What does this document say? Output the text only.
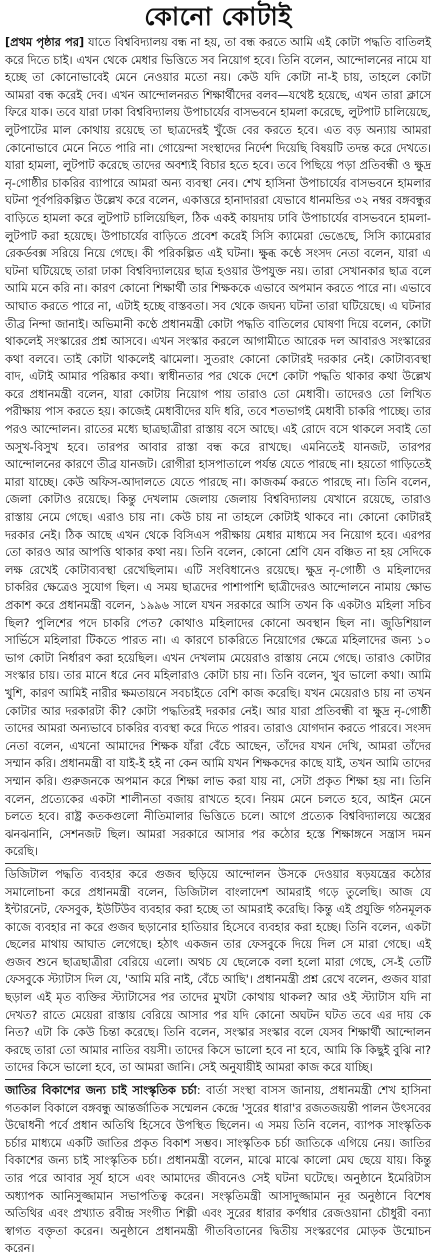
কোনো কোটাই

[প্রথম পৃষ্ঠার পর] যাতে বিশ্ববিদ্যালয় বন্ধ না হয়, তা বন্ধ করতে আমি এই কোটা পদ্ধতি বাতিলই করে দিতে চাই। এখন থেকে মেধার ভিত্তিতে সব নিয়োগ হবে। তিনি বলেন, আন্দোলনের নামে যা হচ্ছে তা কোনোভাবেই মেনে নেওয়ার মতো নয়। কেউ যদি কোটা না-ই চায়, তাহলে কোটা আমরা বন্ধ করেই দেব। এখন আন্দোলনরত শিক্ষার্থীদের বলব—যথেষ্ট হয়েছে, এখন তারা ক্লাসে ফিরে যাক। তবে যারা ঢাকা বিশ্ববিদ্যালয় উপাচার্যের বাসভবনে হামলা করেছে, লুটপাট চালিয়েছে, লুটপাটের মাল কোথায় রয়েছে তা ছাত্রদেরই খুঁজে বের করতে হবে। এত বড় অন্যায় আমরা কোনোভাবে মেনে নিতে পারি না। গোয়েন্দা সংস্থাদের নির্দেশ দিয়েছি বিষয়টি তদন্ত করে দেখতে। যারা হামলা, লুটপাট করেছে তাদের অবশ্যই বিচার হতে হবে। তবে পিছিয়ে পড়া প্রতিবন্ধী ও ক্ষুদ্র নৃ-গোষ্ঠীর চাকরির ব্যাপারে আমরা অন্য ব্যবস্থা নেব। শেখ হাসিনা উপাচার্যের বাসভবনে হামলার ঘটনা পূর্বপরিকল্পিত উল্লেখ করে বলেন, একাত্তরে হানাদাররা যেভাবে ধানমন্ডির ৩২ নম্বর বঙ্গবন্ধুর বাড়িতে হামলা করে লুটপাট চালিয়েছিল, ঠিক একই কায়দায় ঢাবি উপাচার্যের বাসভবনে হামলা-লুটপাট করা হয়েছে। উপাচার্যের বাড়িতে প্রবেশ করেই সিসি ক্যামেরা ভেঙেছে, সিসি ক্যামেরার রেকর্ডবক্স সরিয়ে নিয়ে গেছে। কী পরিকল্পিত এই ঘটনা। ক্ষুব্ধ কণ্ঠে সংসদ নেতা বলেন, যারা এ ঘটনা ঘটিয়েছে তারা ঢাকা বিশ্ববিদ্যালয়ের ছাত্র হওয়ার উপযুক্ত নয়। তারা সেখানকার ছাত্র বলে আমি মনে করি না। কারণ কোনো শিক্ষার্থী তার শিক্ষককে এভাবে অপমান করতে পারে না। এভাবে আঘাত করতে পারে না, এটাই হচ্ছে বাস্তবতা। সব থেকে জঘন্য ঘটনা তারা ঘটিয়েছে। এ ঘটনার তীব্র নিন্দা জানাই। অভিমানী কণ্ঠে প্রধানমন্ত্রী কোটা পদ্ধতি বাতিলের ঘোষণা দিয়ে বলেন, কোটা থাকলেই সংস্কারের প্রশ্ন আসবে। এখন সংস্কার করলে আগামীতে আরেক দল আবারও সংস্কারের কথা বলবে। তাই কোটা থাকলেই ঝামেলা। সুতরাং কোনো কোটারই দরকার নেই। কোটাব্যবস্থা বাদ, এটাই আমার পরিষ্কার কথা। স্বাধীনতার পর থেকে দেশে কোটা পদ্ধতি থাকার কথা উল্লেখ করে প্রধানমন্ত্রী বলেন, যারা কোটায় নিয়োগ পায় তারাও তো মেধাবী। তাদেরও তো লিখিত পরীক্ষায় পাস করতে হয়। কাজেই মেধাবীদের যদি ধরি, তবে শতভাগই মেধাবী চাকরি পাচ্ছে। তার পরও আন্দোলন। রাতের মধ্যে ছাত্রছাত্রীরা রাস্তায় বসে আছে। এই রোদে বসে থাকলে সবাই তো অসুখ-বিসুখ হবে। তারপর আবার রাস্তা বন্ধ করে রাখছে। এমনিতেই যানজট, তারপর আন্দোলনের কারণে তীব্র যানজট। রোগীরা হাসপাতালে পর্যন্ত যেতে পারছে না। হয়তো গাড়িতেই মারা যাচ্ছে। কেউ অফিস-আদালতে যেতে পারছে না। কাজকর্ম করতে পারছে না। তিনি বলেন, জেলা কোটাও রয়েছে। কিন্তু দেখলাম জেলায় জেলায় বিশ্ববিদ্যালয় যেখানে রয়েছে, তারাও রাস্তায় নেমে গেছে। এরাও চায় না। কেউ চায় না তাহলে কোটাই থাকবে না। কোনো কোটারই দরকার নেই। ঠিক আছে এখন থেকে বিসিএস পরীক্ষায় মেধার মাধ্যমে সব নিয়োগ হবে। এরপর তো কারও আর আপত্তি থাকার কথা নয়। তিনি বলেন, কোনো শ্রেণি যেন বঞ্চিত না হয় সেদিকে লক্ষ রেখেই কোটাব্যবস্থা রেখেছিলাম। এটি সংবিধানেও রয়েছে। ক্ষুদ্র নৃ-গোষ্ঠী ও মহিলাদের চাকরির ক্ষেত্রেও সুযোগ ছিল। এ সময় ছাত্রদের পাশাপাশি ছাত্রীদেরও আন্দোলনে নামায় ক্ষোভ প্রকাশ করে প্রধানমন্ত্রী বলেন, ১৯৯৬ সালে যখন সরকারে আসি তখন কি একটাও মহিলা সচিব ছিল? পুলিশের পদে চাকরি পেত? কোথাও মহিলাদের কোনো অবস্থান ছিল না। জুডিশিয়াল সার্ভিসে মহিলারা টিকতে পারত না। এ কারণে চাকরিতে নিয়োগের ক্ষেত্রে মহিলাদের জন্য ১০ ভাগ কোটা নির্ধারণ করা হয়েছিল। এখন দেখলাম মেয়েরাও রাস্তায় নেমে গেছে। তারাও কোটার সংস্কার চায়। তার মানে ধরে নেব মহিলারাও কোটা চায় না। তিনি বলেন, খুব ভালো কথা। আমি খুশি, কারণ আমিই নারীর ক্ষমতায়নে সবচাইতে বেশি কাজ করেছি। যখন মেয়েরাও চায় না তখন কোটার আর দরকারটা কী? কোটা পদ্ধতিরই দরকার নেই। আর যারা প্রতিবন্ধী বা ক্ষুদ্র নৃ-গোষ্ঠী তাদের আমরা অন্যভাবে চাকরির ব্যবস্থা করে দিতে পারব। তারাও যোগদান করতে পারবে। সংসদ নেতা বলেন, এখনো আমাদের শিক্ষক যাঁরা বেঁচে আছেন, তাঁদের যখন দেখি, আমরা তাঁদের সম্মান করি। প্রধানমন্ত্রী বা যাই-ই হই না কেন আমি যখন শিক্ষকদের কাছে যাই, তখন আমি তাদের সম্মান করি। গুরুজনকে অপমান করে শিক্ষা লাভ করা যায় না, সেটা প্রকৃত শিক্ষা হয় না। তিনি বলেন, প্রত্যেকের একটা শালীনতা বজায় রাখতে হবে। নিয়ম মেনে চলতে হবে, আইন মেনে চলতে হবে। রাষ্ট্র কতকগুলো নীতিমালার ভিত্তিতে চলে। আগে প্রত্যেক বিশ্ববিদ্যালয়ে অস্ত্রের ঝনঝনানি, সেশনজট ছিল। আমরা সরকারে আসার পর কঠোর হস্তে শিক্ষাঙ্গনে সন্ত্রাস দমন করেছি।

ডিজিটাল পদ্ধতি ব্যবহার করে গুজব ছড়িয়ে আন্দোলন উসকে দেওয়ার ষড়যন্ত্রের কঠোর সমালোচনা করে প্রধানমন্ত্রী বলেন, ডিজিটাল বাংলাদেশ আমরাই গড়ে তুলেছি। আজ যে ইন্টারনেট, ফেসবুক, ইউটিউব ব্যবহার করা হচ্ছে তা আমরাই করেছি। কিন্তু এই প্রযুক্তি গঠনমূলক কাজে ব্যবহার না করে গুজব ছড়ানোর হাতিয়ার হিসেবে ব্যবহার করা হচ্ছে। তিনি বলেন, একটা ছেলের মাথায় আঘাত লেগেছে। হঠাৎ একজন তার ফেসবুকে দিয়ে দিল সে মারা গেছে। এই গুজব শুনে ছাত্রছাত্রীরা বেরিয়ে এলো। অথচ যে ছেলেকে বলা হলো মারা গেছে, সে-ই তেটি ফেসবুকে স্ট্যাটাস দিল যে, 'আমি মরি নাই, বেঁচে আছি'। প্রধানমন্ত্রী প্রশ্ন রেখে বলেন, গুজব যারা ছড়াল এই মৃত ব্যক্তির স্ট্যাটাসের পর তাদের মুখটা কোথায় থাকল? আর ওই স্ট্যাটাস যদি না দেখত? রাতে মেয়েরা রাস্তায় বেরিয়ে আসার পর যদি কোনো অঘটন ঘটত তবে এর দায় কে নিত? এটা কি কেউ চিন্তা করেছে। তিনি বলেন, সংস্কার সংস্কার বলে যেসব শিক্ষার্থী আন্দোলন করছে তারা তো আমার নাতির বয়সী। তাদের কিসে ভালো হবে না হবে, আমি কি কিছুই বুঝি না? তাদের কিসে ভালো হবে, তা আমরা জানি। সেই অনুযায়ীই আমরা কাজ করে যাচ্ছি।

জাতির বিকাশের জন্য চাই সাংস্কৃতিক চর্চা: বার্তা সংস্থা বাসস জানায়, প্রধানমন্ত্রী শেখ হাসিনা গতকাল বিকালে বঙ্গবন্ধু আন্তর্জাতিক সম্মেলন কেন্দ্রে 'সুরের ধারা'র রজতজয়ন্তী পালন উৎসবের উদ্বোধনী পর্বে প্রধান অতিথি হিসেবে উপস্থিত ছিলেন। এ সময় তিনি বলেন, ব্যাপক সাংস্কৃতিক চর্চার মাধ্যমে একটি জাতির প্রকৃত বিকাশ সম্ভব। সাংস্কৃতিক চর্চা জাতিকে এগিয়ে নেয়। জাতির বিকাশের জন্য চাই সাংস্কৃতিক চর্চা। প্রধানমন্ত্রী বলেন, মাঝে মাঝে কালো মেঘ ছেয়ে যায়। কিন্তু তার পরে আবার সূর্য হাসে এবং আমাদের জীবনেও সেই ঘটনা ঘটেছে। অনুষ্ঠানে ইমেরিটাস অধ্যাপক আনিসুজ্জামান সভাপতিত্ব করেন। সংস্কৃতিমন্ত্রী আসাদুজ্জামান নূর অনুষ্ঠানে বিশেষ অতিথির এবং প্রখ্যাত রবীন্দ্র সংগীত শিল্পী এবং সুরের ধারার কর্ণধার রেজওয়ানা চৌধুরী বন্যা স্বাগত বক্তৃতা করেন। অনুষ্ঠানে প্রধানমন্ত্রী গীতবিতানের দ্বিতীয় সংস্করণের মোড়ক উন্মোচন করেন।
